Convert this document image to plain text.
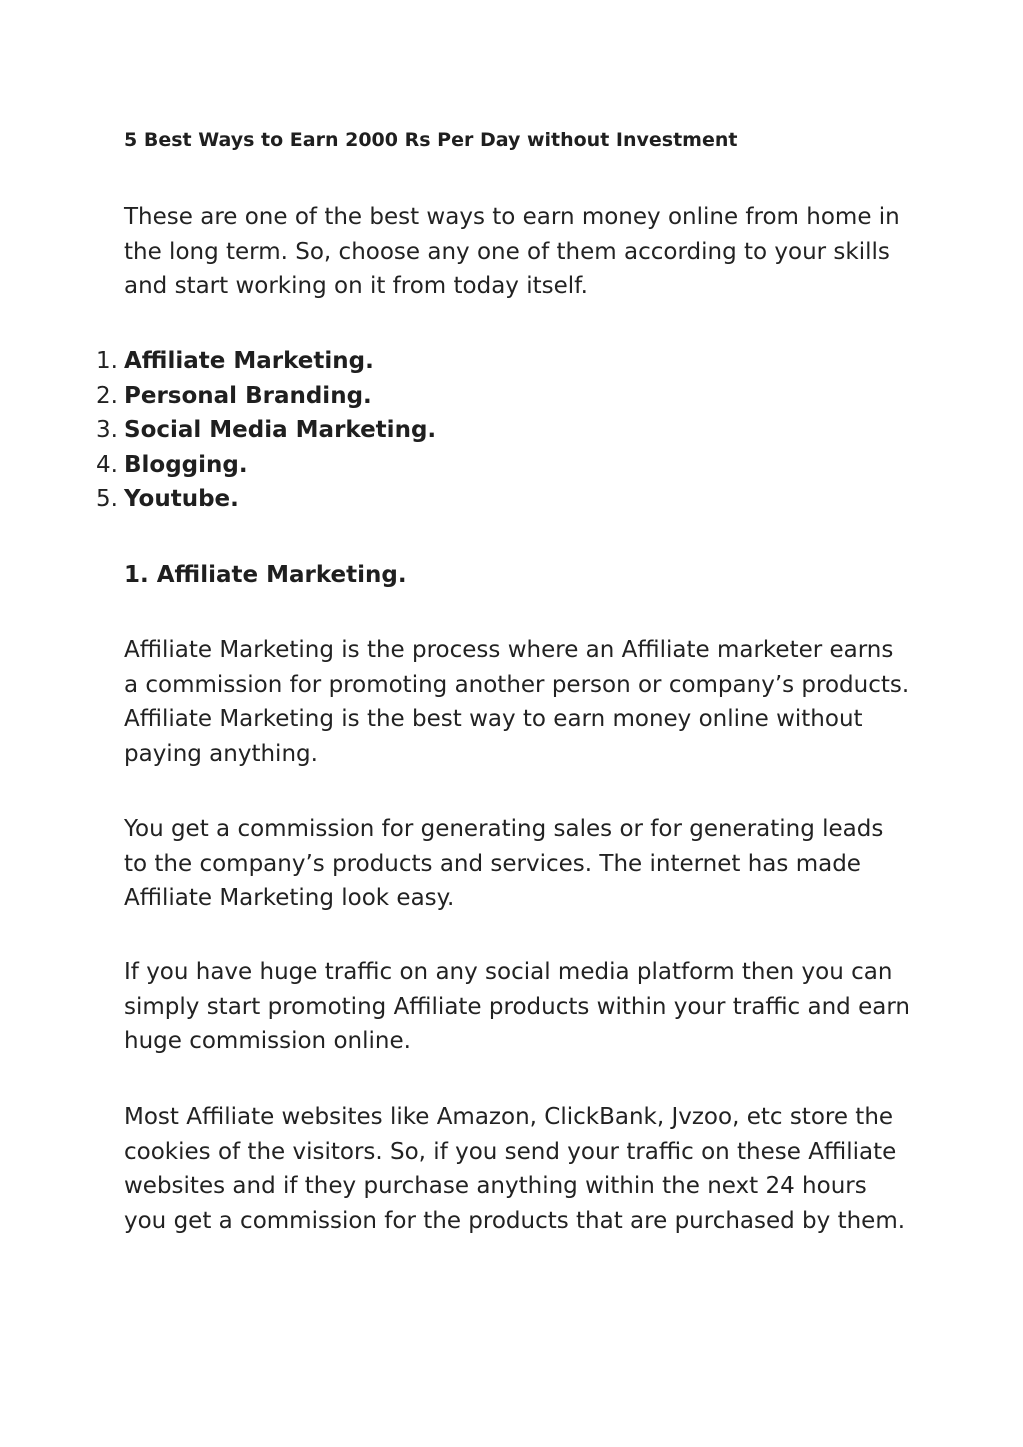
5 Best Ways to Earn 2000 Rs Per Day without Investment

These are one of the best ways to earn money online from home in the long term. So, choose any one of them according to your skills and start working on it from today itself.

1. Affiliate Marketing.
2. Personal Branding.
3. Social Media Marketing.
4. Blogging.
5. Youtube.
1. Affiliate Marketing.

Affiliate Marketing is the process where an Affiliate marketer earns a commission for promoting another person or company’s products. Affiliate Marketing is the best way to earn money online without paying anything.

You get a commission for generating sales or for generating leads to the company’s products and services. The internet has made Affiliate Marketing look easy.

If you have huge traffic on any social media platform then you can simply start promoting Affiliate products within your traffic and earn huge commission online.

Most Affiliate websites like Amazon, ClickBank, Jvzoo, etc store the cookies of the visitors. So, if you send your traffic on these Affiliate websites and if they purchase anything within the next 24 hours you get a commission for the products that are purchased by them.
